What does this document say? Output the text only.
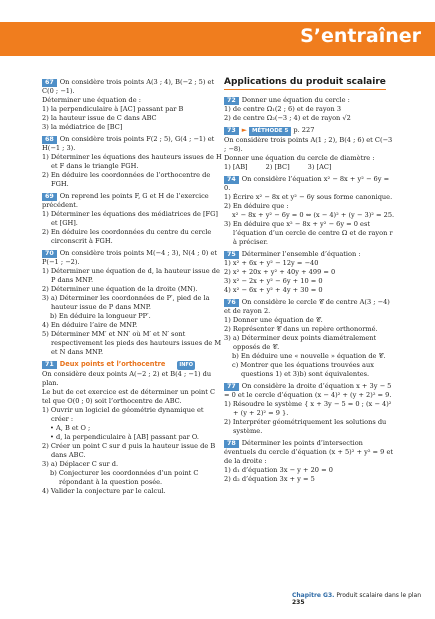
S’entraîner
67 On considère trois points A(3 ; 4), B(−2 ; 5) et C(0 ; −1).
Déterminer une équation de :
1) la perpendiculaire à [AC] passant par B
2) la hauteur issue de C dans ABC
3) la médiatrice de [BC]
68 On considère trois points F(2 ; 5), G(4 ; −1) et H(−1 ; 3).
1) Déterminer les équations des hauteurs issues de H et F dans le triangle FGH.
2) En déduire les coordonnées de l’orthocentre de FGH.
69 On reprend les points F, G et H de l’exercice précédent.
1) Déterminer les équations des médiatrices de [FG] et [GH].
2) En déduire les coordonnées du centre du cercle circonscrit à FGH.
70 On considère trois points M(−4 ; 3), N(4 ; 0) et P(−1 ; −2).
1) Déterminer une équation de d, la hauteur issue de P dans MNP.
2) Déterminer une équation de la droite (MN).
3) a) Déterminer les coordonnées de P′, pied de la hauteur issue de P dans MNP.
b) En déduire la longueur PP′.
4) En déduire l’aire de MNP.
5) Déterminer MM′ et NN′ où M′ et N′ sont respectivement les pieds des hauteurs issues de M et N dans MNP.
71 Deux points et l’orthocentre	INFO
On considère deux points A(−2 ; 2) et B(4 ; −1) du plan.
Le but de cet exercice est de déterminer un point C tel que O(0 ; 0) soit l’orthocentre de ABC.
1) Ouvrir un logiciel de géométrie dynamique et créer :
• A, B et O ;
• d, la perpendiculaire à [AB] passant par O.
2) Créer un point C sur d puis la hauteur issue de B dans ABC.
3) a) Déplacer C sur d.
b) Conjecturer les coordonnées d’un point C répondant à la question posée.
4) Valider la conjecture par le calcul.
Applications du produit scalaire
72 Donner une équation du cercle :
1) de centre Ω₁(2 ; 6) et de rayon 3
2) de centre Ω₂(−3 ; 4) et de rayon √2
73 ► MÉTHODE 5 p. 227
On considère trois points A(1 ; 2), B(4 ; 6) et C(−3 ; −8).
Donner une équation du cercle de diamètre :
1) [AB]	2) [BC]	3) [AC]
74 On considère l’équation x² − 8x + y² − 6y = 0.
1) Écrire x² − 8x et y² − 6y sous forme canonique.
2) En déduire que :
x² − 8x + y² − 6y = 0 ⇔ (x − 4)² + (y − 3)² = 25.
3) En déduire que x² − 8x + y² − 6y = 0 est l’équation d’un cercle de centre Ω et de rayon r à préciser.
75 Déterminer l’ensemble d’équation :
1) x² + 6x + y² − 12y = −40
2) x² + 20x + y² + 40y + 499 = 0
3) x² − 2x + y² − 6y + 10 = 0
4) x² − 6x + y² + 4y + 30 = 0
76 On considère le cercle 𝒞 de centre A(3 ; −4) et de rayon 2.
1) Donner une équation de 𝒞.
2) Représenter 𝒞 dans un repère orthonormé.
3) a) Déterminer deux points diamétralement opposés de 𝒞.
b) En déduire une « nouvelle » équation de 𝒞.
c) Montrer que les équations trouvées aux questions 1) et 3)b) sont équivalentes.
77 On considère la droite d’équation x + 3y − 5 = 0 et le cercle d’équation (x − 4)² + (y + 2)² = 9.
1) Résoudre le système { x + 3y − 5 = 0 ; (x − 4)² + (y + 2)² = 9 }.
2) Interpréter géométriquement les solutions du système.
78 Déterminer les points d’intersection éventuels du cercle d’équation (x + 5)² + y² = 9 et de la droite :
1) d₁ d’équation 3x − y + 20 = 0
2) d₂ d’équation 3x + y = 5
Chapitre G3. Produit scalaire dans le plan 235
